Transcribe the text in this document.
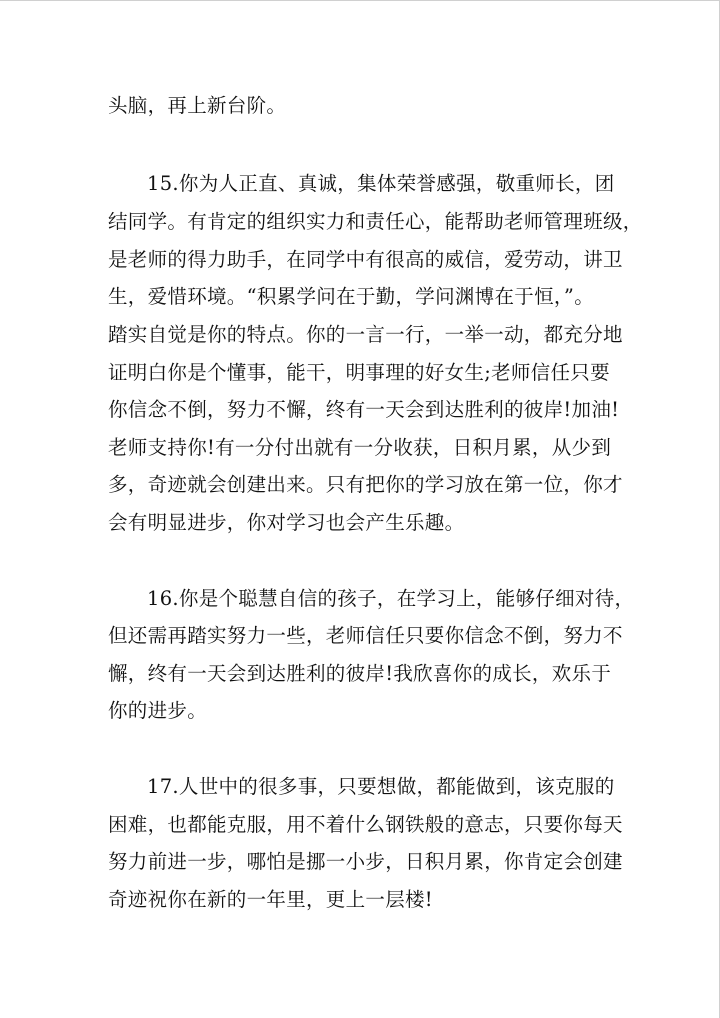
头脑，再上新台阶。
15.你为人正直、真诚，集体荣誉感强，敬重师长，团
结同学。有肯定的组织实力和责任心，能帮助老师管理班级，
是老师的得力助手，在同学中有很高的威信，爱劳动，讲卫
生，爱惜环境。“积累学问在于勤，学问渊博在于恒，”。
踏实自觉是你的特点。你的一言一行，一举一动，都充分地
证明白你是个懂事，能干，明事理的好女生;老师信任只要
你信念不倒，努力不懈，终有一天会到达胜利的彼岸!加油!
老师支持你!有一分付出就有一分收获，日积月累，从少到
多，奇迹就会创建出来。只有把你的学习放在第一位，你才
会有明显进步，你对学习也会产生乐趣。
16.你是个聪慧自信的孩子，在学习上，能够仔细对待，
但还需再踏实努力一些，老师信任只要你信念不倒，努力不
懈，终有一天会到达胜利的彼岸!我欣喜你的成长，欢乐于
你的进步。
17.人世中的很多事，只要想做，都能做到，该克服的
困难，也都能克服，用不着什么钢铁般的意志，只要你每天
努力前进一步，哪怕是挪一小步，日积月累，你肯定会创建
奇迹祝你在新的一年里，更上一层楼!
